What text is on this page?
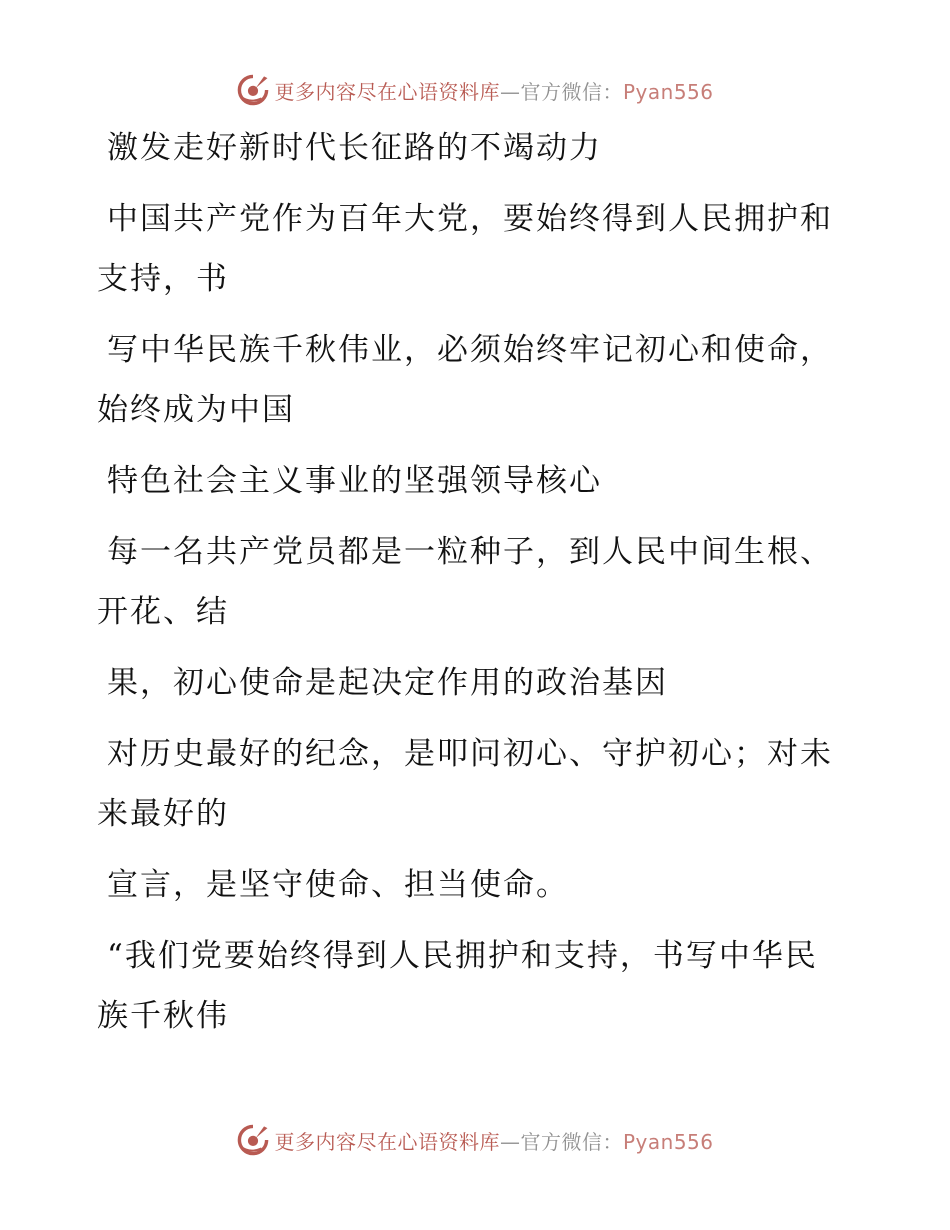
更多内容尽在心语资料库—官方微信：Pyan556

激发走好新时代长征路的不竭动力

中国共产党作为百年大党，要始终得到人民拥护和支持，书

写中华民族千秋伟业，必须始终牢记初心和使命，始终成为中国

特色社会主义事业的坚强领导核心

每一名共产党员都是一粒种子，到人民中间生根、开花、结

果，初心使命是起决定作用的政治基因

对历史最好的纪念，是叩问初心、守护初心；对未来最好的

宣言，是坚守使命、担当使命。

“我们党要始终得到人民拥护和支持，书写中华民族千秋伟

更多内容尽在心语资料库—官方微信：Pyan556
